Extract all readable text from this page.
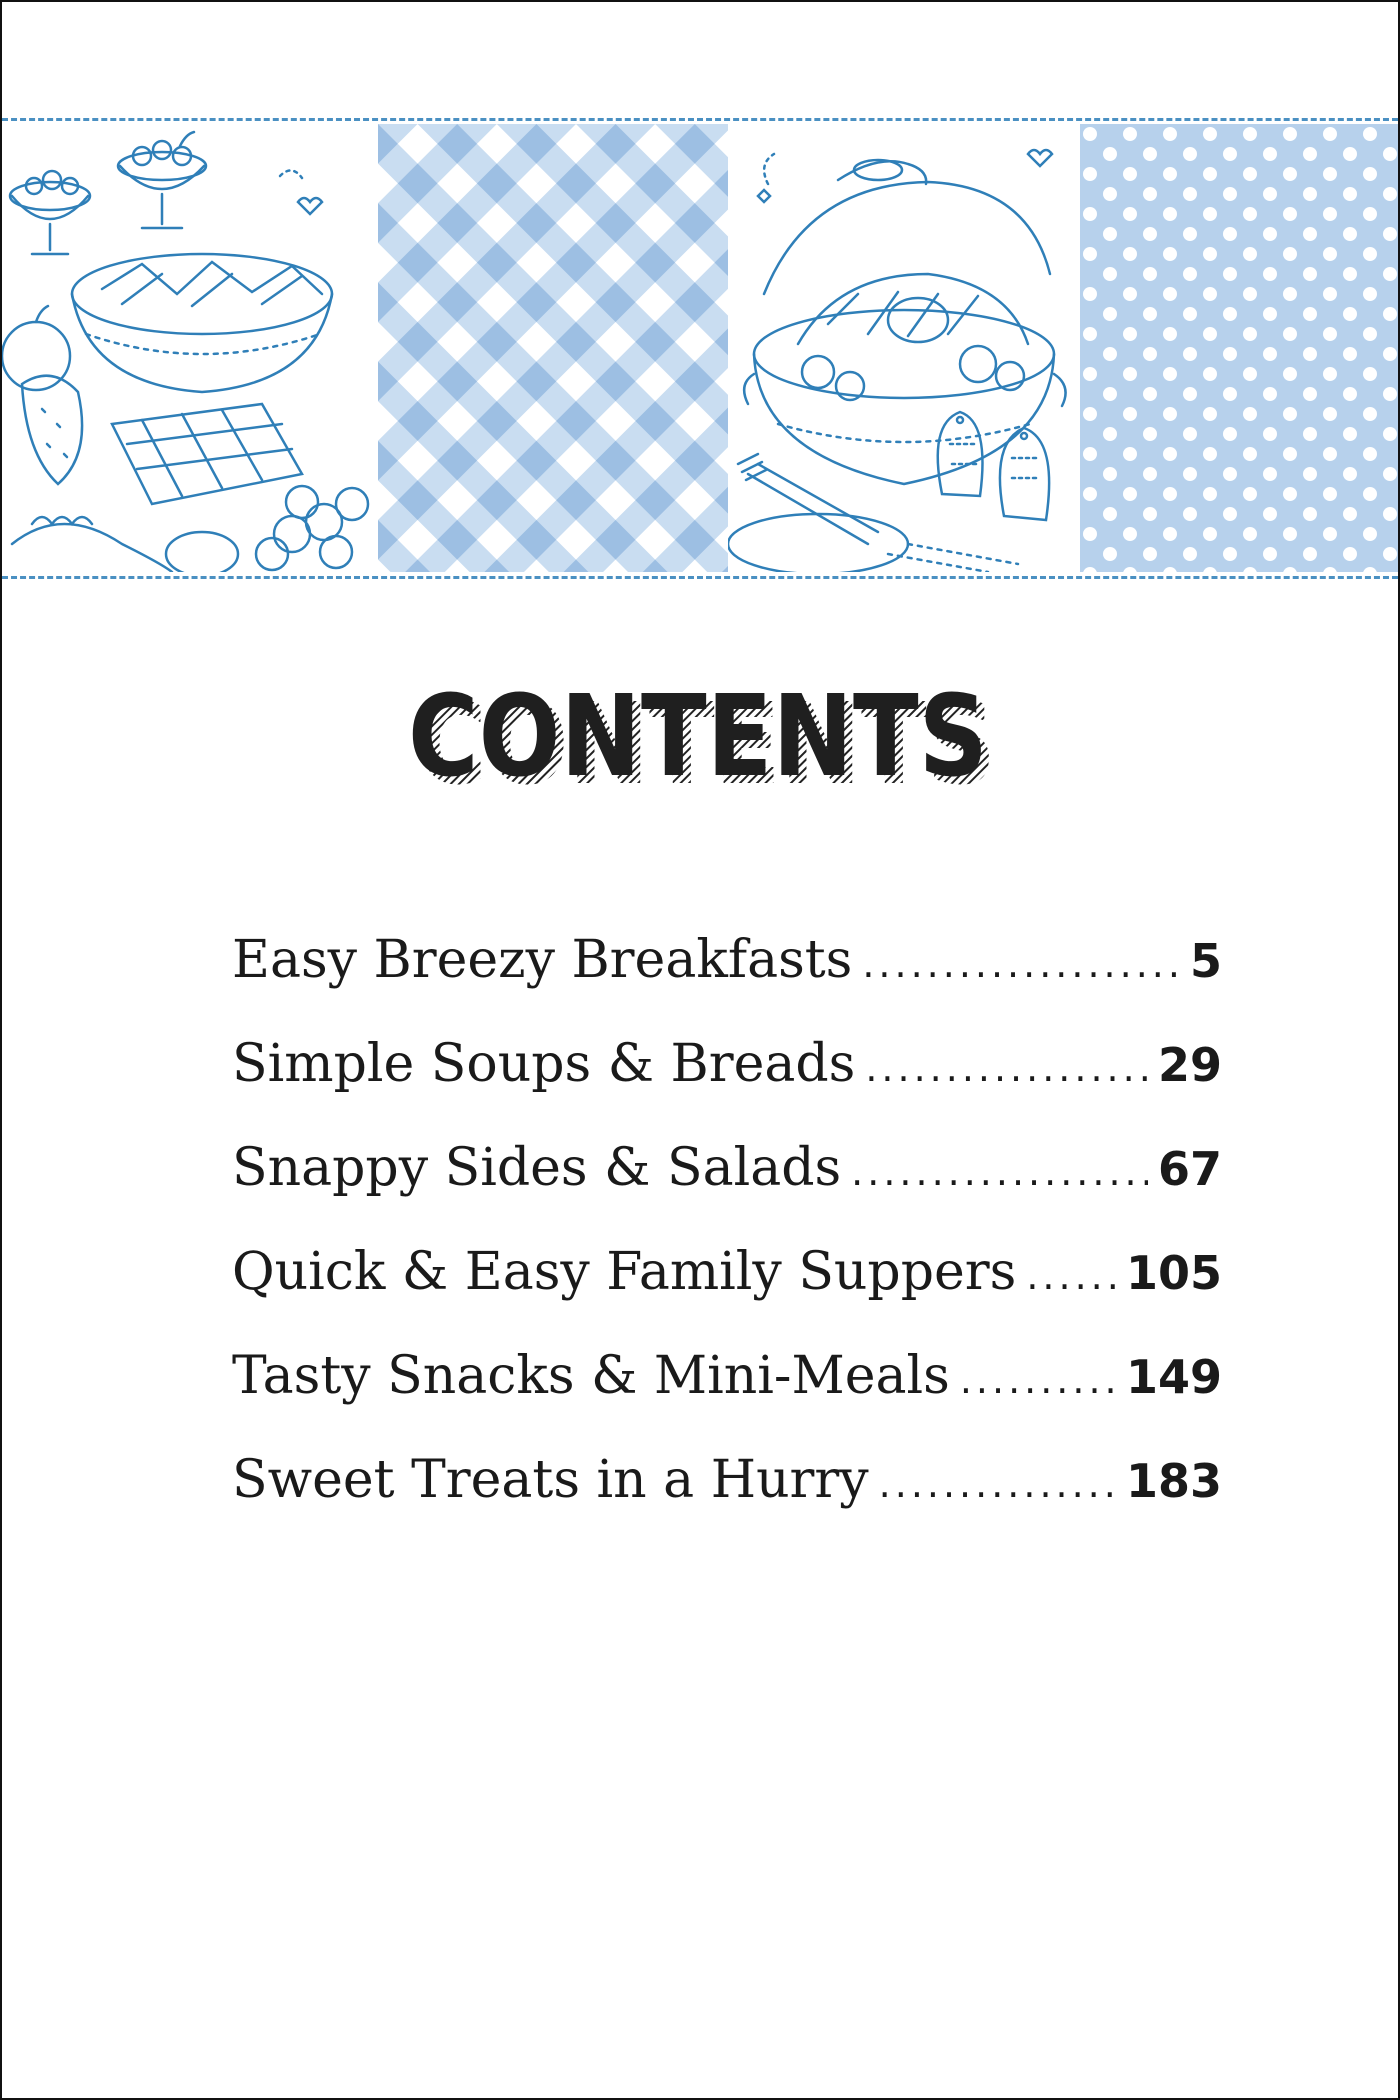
CONTENTS
CONTENTS
Easy Breezy Breakfasts .....	5
Simple Soups & Breads .....	29
Snappy Sides & Salads .....	67
Quick & Easy Family Suppers ..... 105
Tasty Snacks & Mini-Meals .....	149
Sweet Treats in a Hurry .....	183
